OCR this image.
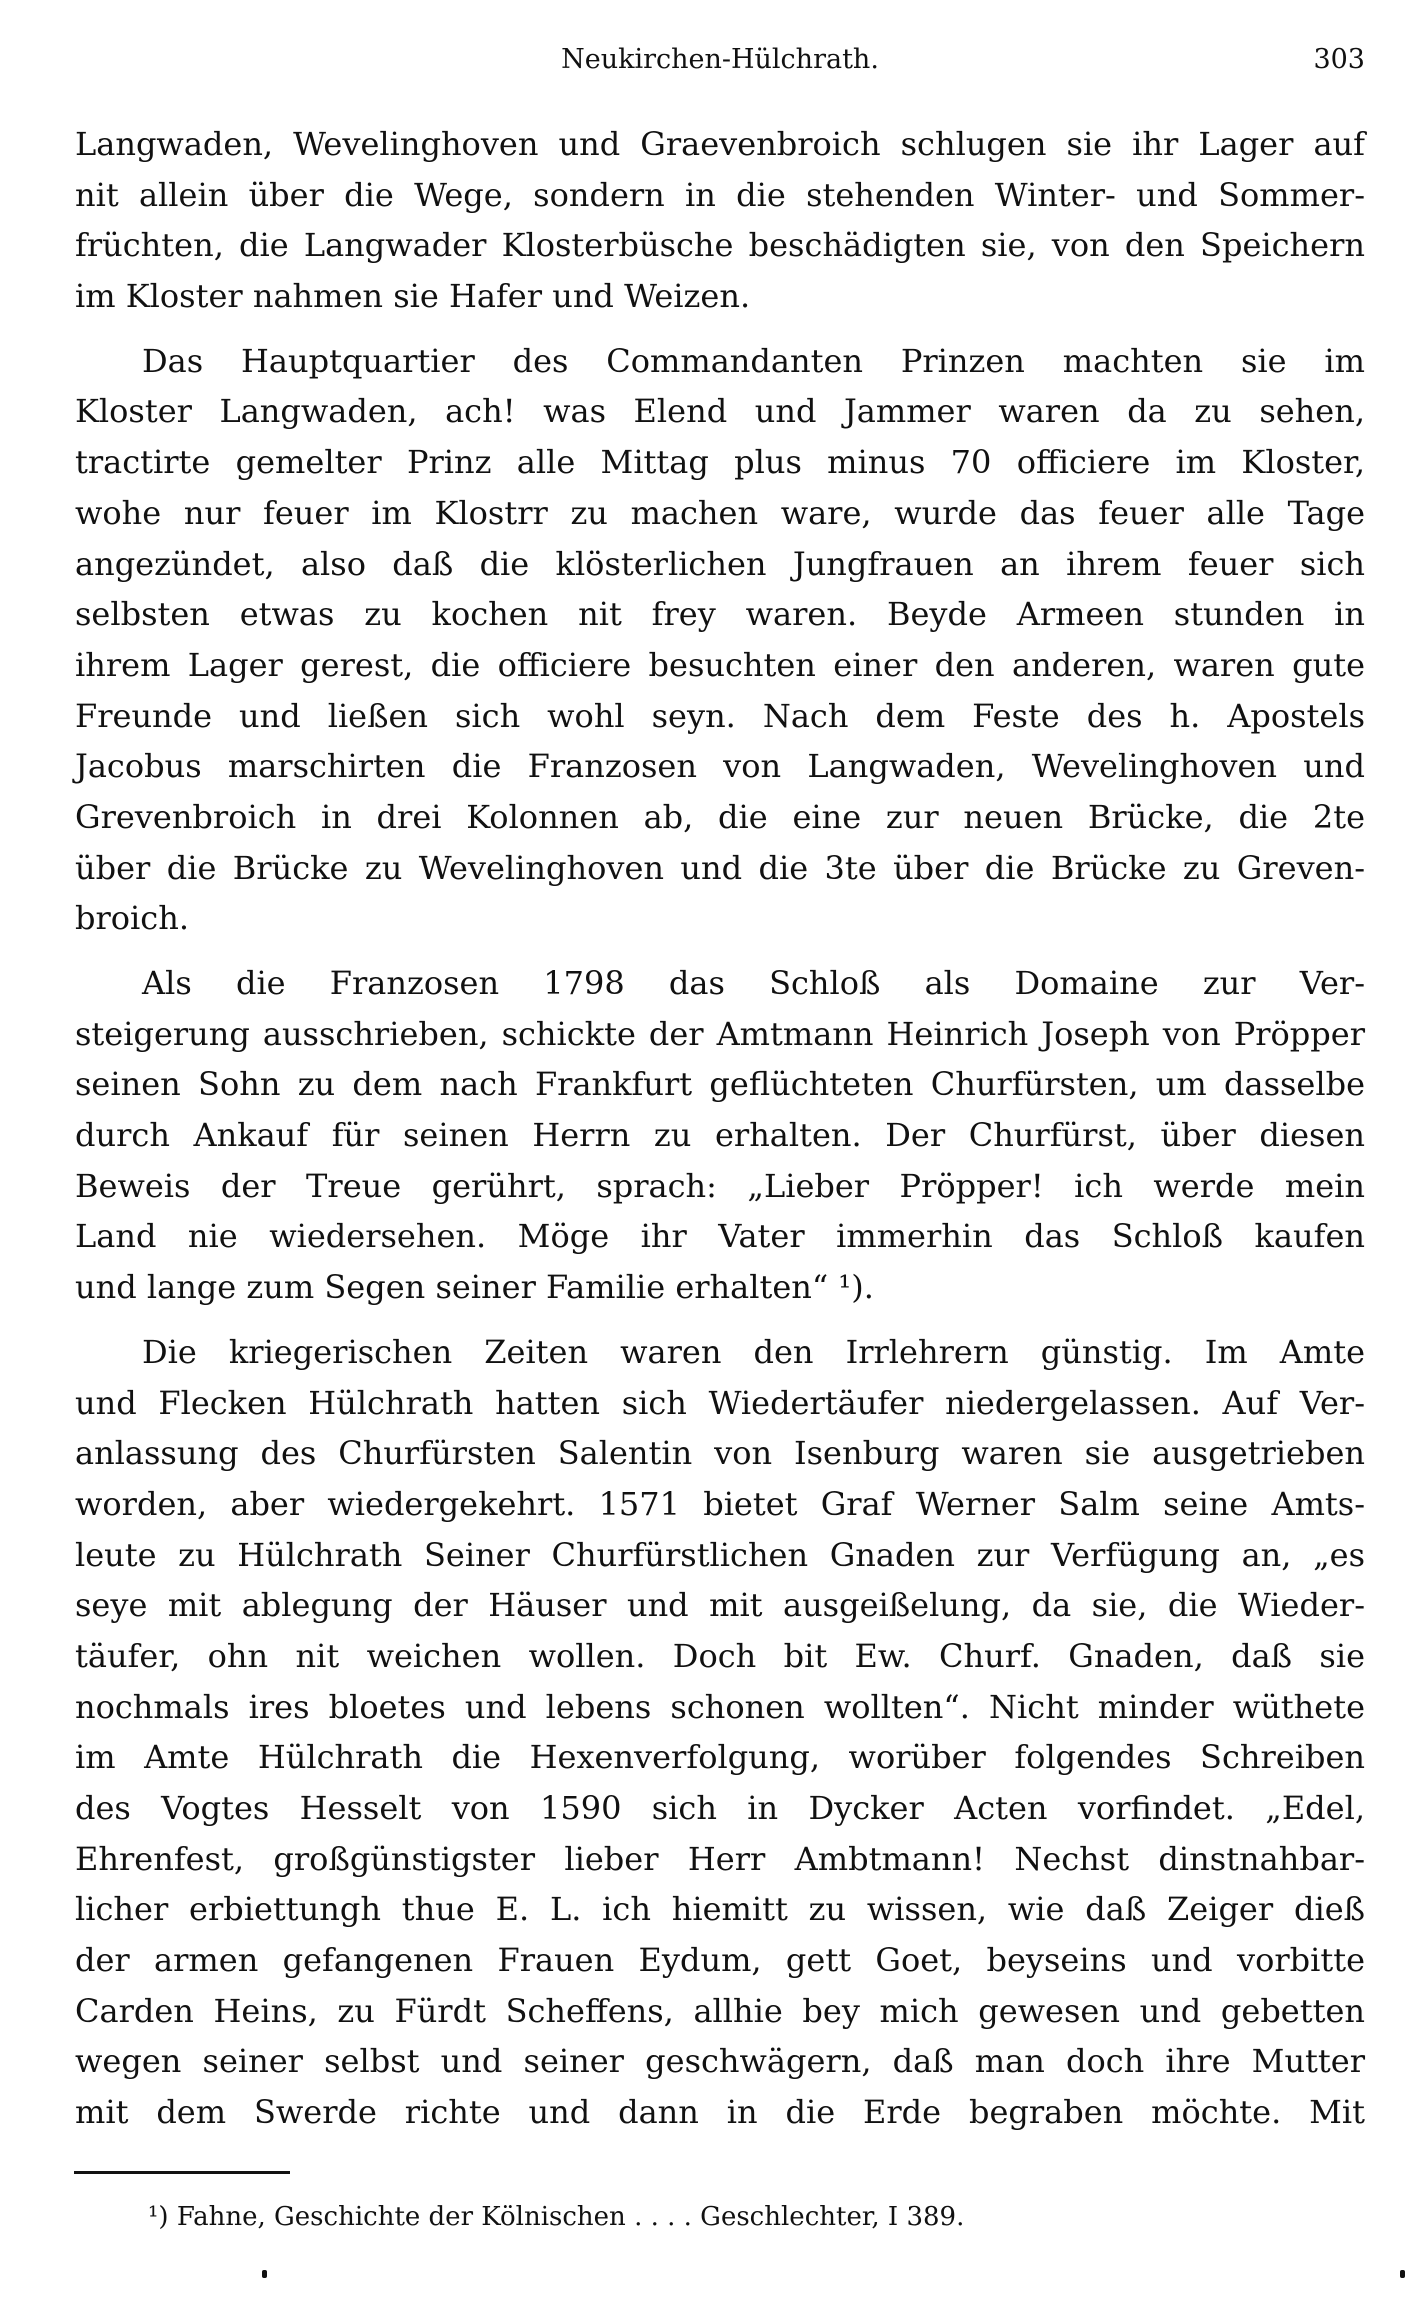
Neukirchen-Hülchrath.	303
Langwaden, Wevelinghoven und Graevenbroich schlugen sie ihr Lager auf
nit allein über die Wege, sondern in die stehenden Winter- und Sommer-
früchten, die Langwader Klosterbüsche beschädigten sie, von den Speichern
im Kloster nahmen sie Hafer und Weizen.
Das Hauptquartier des Commandanten Prinzen machten sie im
Kloster Langwaden, ach! was Elend und Jammer waren da zu sehen,
tractirte gemelter Prinz alle Mittag plus minus 70 officiere im Kloster,
wohe nur feuer im Klostrr zu machen ware, wurde das feuer alle Tage
angezündet, also daß die klösterlichen Jungfrauen an ihrem feuer sich
selbsten etwas zu kochen nit frey waren. Beyde Armeen stunden in
ihrem Lager gerest, die officiere besuchten einer den anderen, waren gute
Freunde und ließen sich wohl seyn. Nach dem Feste des h. Apostels
Jacobus marschirten die Franzosen von Langwaden, Wevelinghoven und
Grevenbroich in drei Kolonnen ab, die eine zur neuen Brücke, die 2te
über die Brücke zu Wevelinghoven und die 3te über die Brücke zu Greven-
broich.
Als die Franzosen 1798 das Schloß als Domaine zur Ver-
steigerung ausschrieben, schickte der Amtmann Heinrich Joseph von Pröpper
seinen Sohn zu dem nach Frankfurt geflüchteten Churfürsten, um dasselbe
durch Ankauf für seinen Herrn zu erhalten. Der Churfürst, über diesen
Beweis der Treue gerührt, sprach: „Lieber Pröpper! ich werde mein
Land nie wiedersehen. Möge ihr Vater immerhin das Schloß kaufen
und lange zum Segen seiner Familie erhalten“ ¹).
Die kriegerischen Zeiten waren den Irrlehrern günstig. Im Amte
und Flecken Hülchrath hatten sich Wiedertäufer niedergelassen. Auf Ver-
anlassung des Churfürsten Salentin von Isenburg waren sie ausgetrieben
worden, aber wiedergekehrt. 1571 bietet Graf Werner Salm seine Amts-
leute zu Hülchrath Seiner Churfürstlichen Gnaden zur Verfügung an, „es
seye mit ablegung der Häuser und mit ausgeißelung, da sie, die Wieder-
täufer, ohn nit weichen wollen. Doch bit Ew. Churf. Gnaden, daß sie
nochmals ires bloetes und lebens schonen wollten“. Nicht minder wüthete
im Amte Hülchrath die Hexenverfolgung, worüber folgendes Schreiben
des Vogtes Hesselt von 1590 sich in Dycker Acten vorfindet. „Edel,
Ehrenfest, großgünstigster lieber Herr Ambtmann! Nechst dinstnahbar-
licher erbiettungh thue E. L. ich hiemitt zu wissen, wie daß Zeiger dieß
der armen gefangenen Frauen Eydum, gett Goet, beyseins und vorbitte
Carden Heins, zu Fürdt Scheffens, allhie bey mich gewesen und gebetten
wegen seiner selbst und seiner geschwägern, daß man doch ihre Mutter
mit dem Swerde richte und dann in die Erde begraben möchte. Mit
¹) Fahne, Geschichte der Kölnischen . . . . Geschlechter, I 389.
